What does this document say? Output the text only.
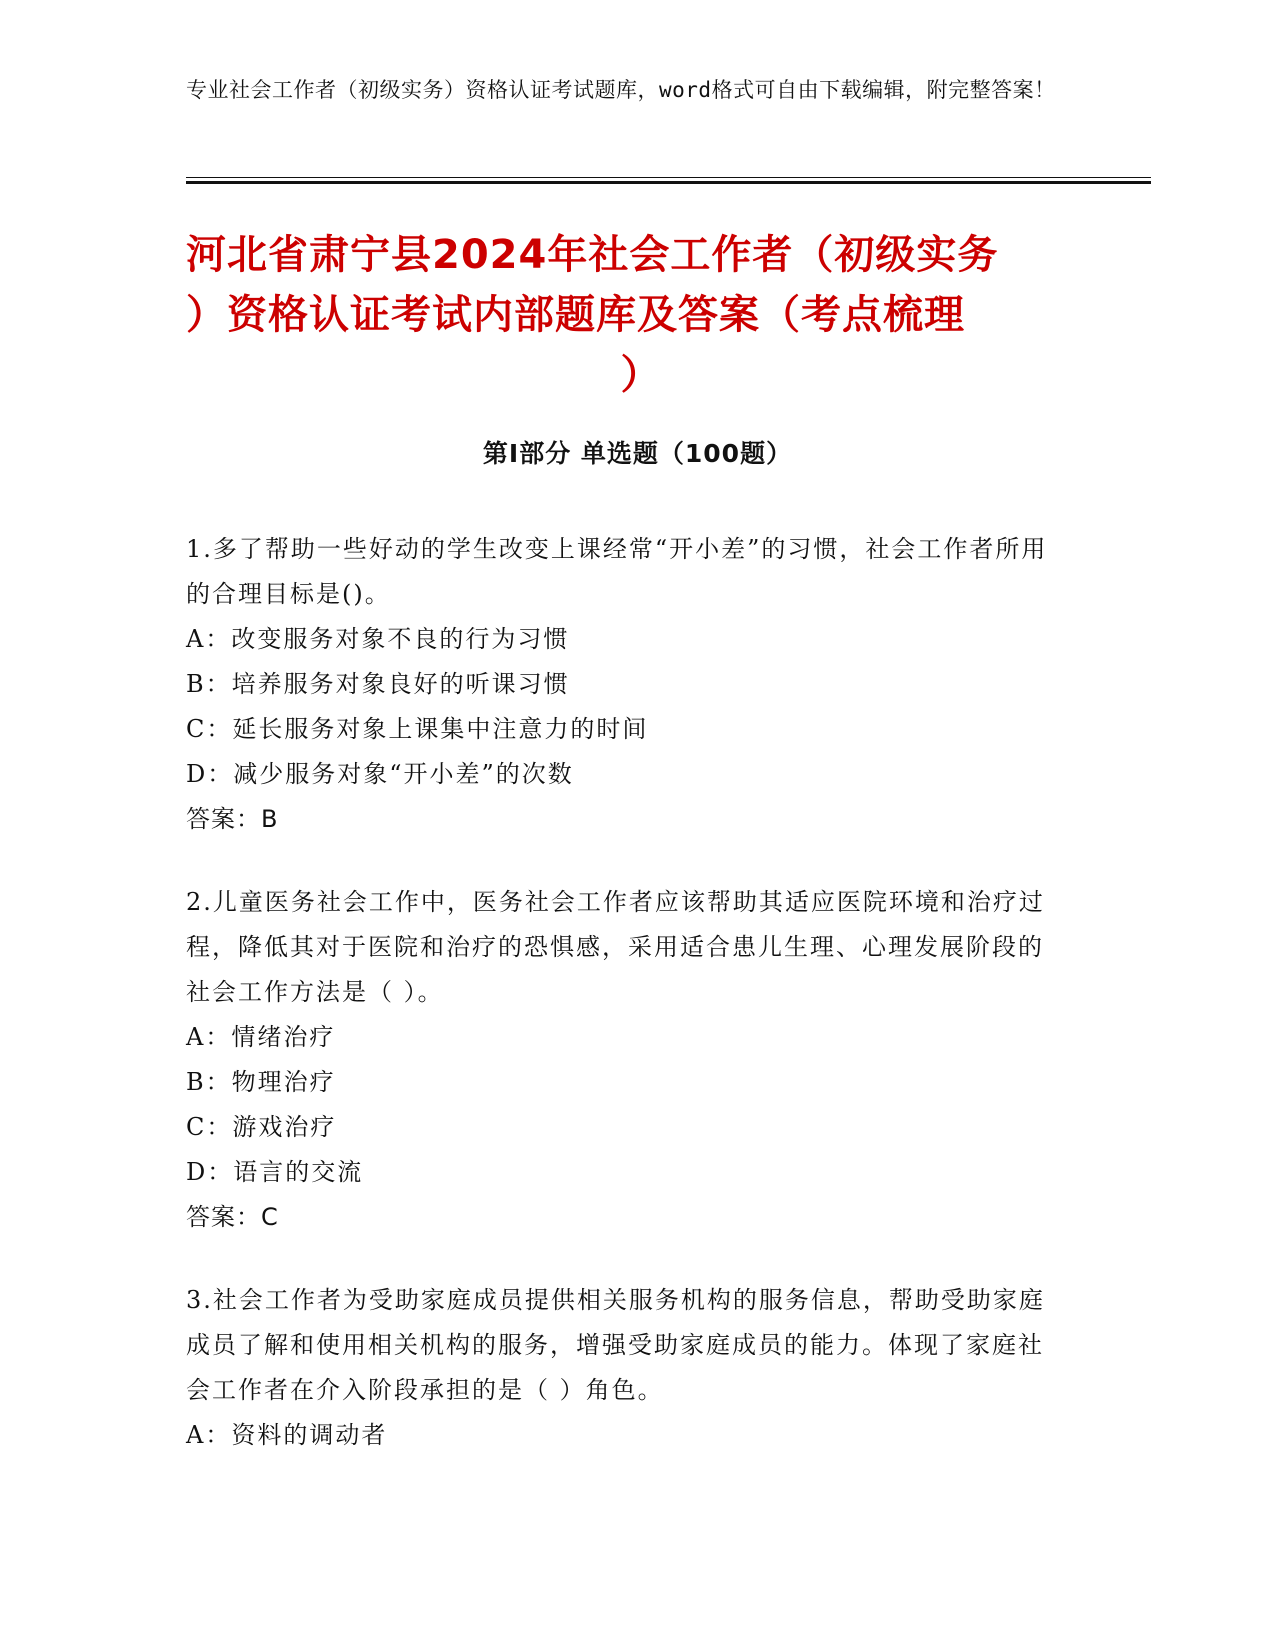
专业社会工作者（初级实务）资格认证考试题库，word格式可自由下载编辑，附完整答案！
河北省肃宁县2024年社会工作者（初级实务
）资格认证考试内部题库及答案（考点梳理
）
第Ⅰ部分 单选题（100题）
1.多了帮助一些好动的学生改变上课经常“开小差”的习惯，社会工作者所用的合理目标是()。
A：改变服务对象不良的行为习惯
B：培养服务对象良好的听课习惯
C：延长服务对象上课集中注意力的时间
D：减少服务对象“开小差”的次数
答案：B
2.儿童医务社会工作中，医务社会工作者应该帮助其适应医院环境和治疗过程，降低其对于医院和治疗的恐惧感，采用适合患儿生理、心理发展阶段的社会工作方法是（ ）。
A：情绪治疗
B：物理治疗
C：游戏治疗
D：语言的交流
答案：C
3.社会工作者为受助家庭成员提供相关服务机构的服务信息，帮助受助家庭成员了解和使用相关机构的服务，增强受助家庭成员的能力。体现了家庭社会工作者在介入阶段承担的是（ ）角色。
A：资料的调动者
